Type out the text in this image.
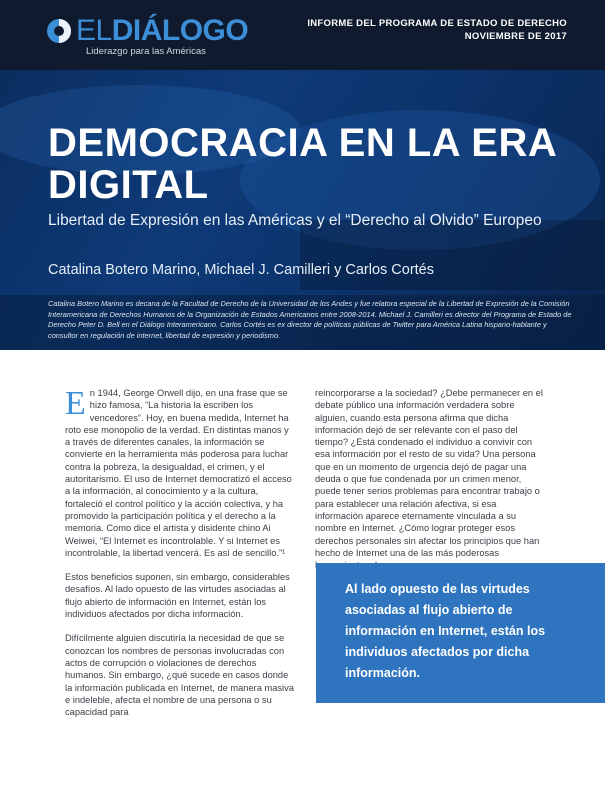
ELDIÁLOGO
Liderazgo para las Américas
INFORME DEL PROGRAMA DE ESTADO DE DERECHO
NOVIEMBRE DE 2017
DEMOCRACIA EN LA ERA DIGITAL
Libertad de Expresión en las Américas y el “Derecho al Olvido” Europeo
Catalina Botero Marino, Michael J. Camilleri y Carlos Cortés
Catalina Botero Marino es decana de la Facultad de Derecho de la Universidad de los Andes y fue relatora especial de la Libertad de Expresión de la Comisión Interamericana de Derechos Humanos de la Organización de Estados Americanos entre 2008-2014. Michael J. Camilleri es director del Programa de Estado de Derecho Peter D. Bell en el Diálogo Interamericano. Carlos Cortés es ex director de políticas públicas de Twitter para América Latina hispano-hablante y consultor en regulación de internet, libertad de expresión y periodismo.

En 1944, George Orwell dijo, en una frase que se hizo famosa, “La historia la escriben los vencedores”. Hoy, en buena medida, Internet ha roto ese monopolio de la verdad. En distintas manos y a través de diferentes canales, la información se convierte en la herramienta más poderosa para luchar contra la pobreza, la desigualdad, el crimen, y el autoritarismo. El uso de Internet democratizó el acceso a la información, al conocimiento y a la cultura, fortaleció el control político y la acción colectiva, y ha promovido la participación política y el derecho a la memoria. Como dice el artista y disidente chino Ai Weiwei, “El Internet es incontrolable. Y si Internet es incontrolable, la libertad vencerá. Es así de sencillo.”¹

Estos beneficios suponen, sin embargo, considerables desafíos. Al lado opuesto de las virtudes asociadas al flujo abierto de información en Internet, están los individuos afectados por dicha información.

Difícilmente alguien discutiría la necesidad de que se conozcan los nombres de personas involucradas con actos de corrupción o violaciones de derechos humanos. Sin embargo, ¿qué sucede en casos donde la información publicada en Internet, de manera masiva e indeleble, afecta el nombre de una persona o su capacidad para

reincorporarse a la sociedad? ¿Debe permanecer en el debate público una información verdadera sobre alguien, cuando esta persona afirma que dicha información dejó de ser relevante con el paso del tiempo? ¿Está condenado el individuo a convivir con esa información por el resto de su vida? Una persona que en un momento de urgencia dejó de pagar una deuda o que fue condenada por un crimen menor, puede tener serios problemas para encontrar trabajo o para establecer una relación afectiva, si esa información aparece eternamente vinculada a su nombre en Internet. ¿Cómo lograr proteger esos derechos personales sin afectar los principios que han hecho de Internet una de las más poderosas

Al lado opuesto de las virtudes asociadas al flujo abierto de información en Internet, están los individuos afectados por dicha información.
